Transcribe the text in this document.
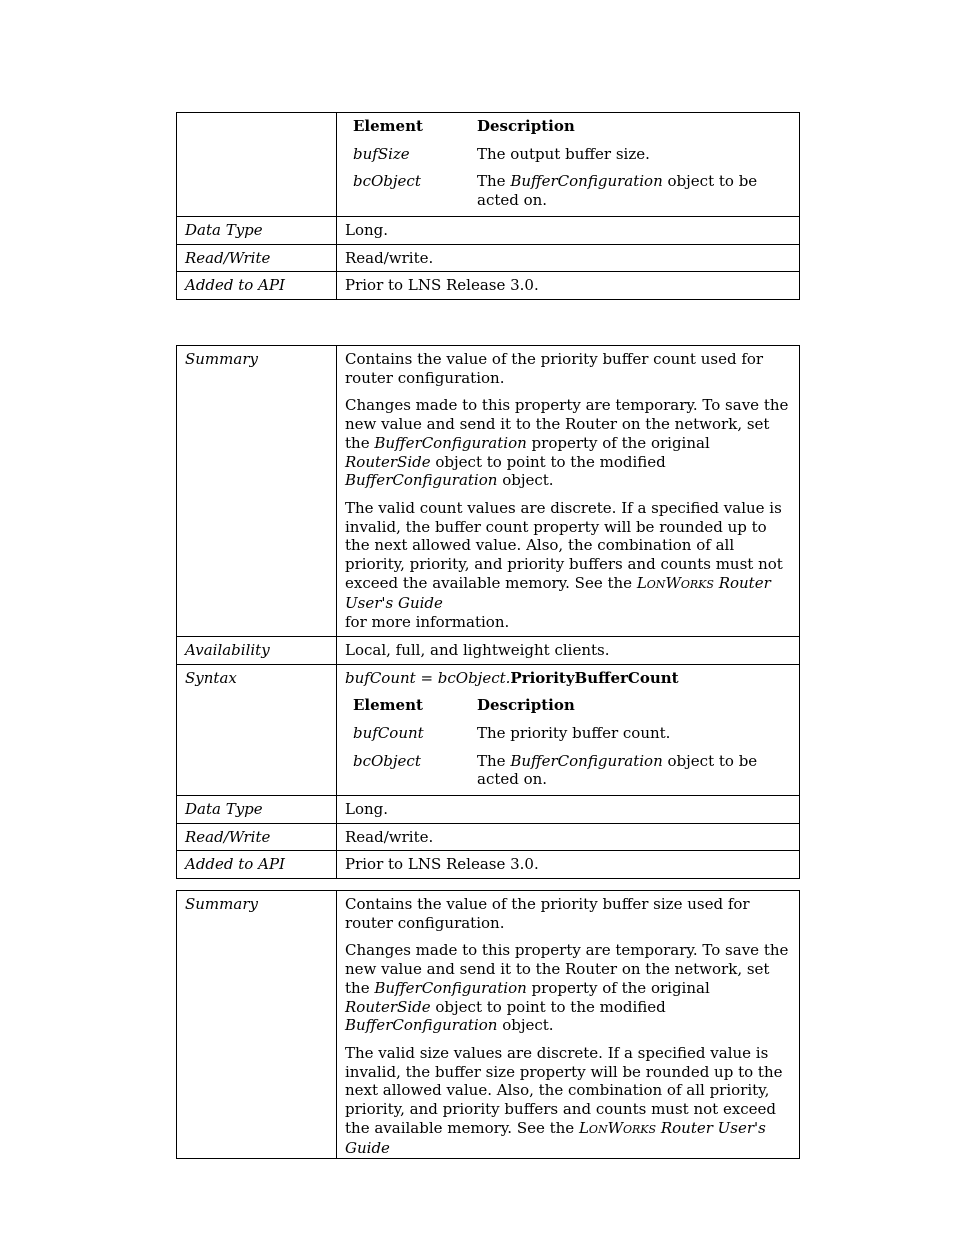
Element	Description
bufSize	The output buffer size.
bcObject	The BufferConfiguration object to be acted on.

Data Type	Long.
Read/Write	Read/write.
Added to API	Prior to LNS Release 3.0.
Summary	Contains the value of the priority buffer count used for router configuration.

Changes made to this property are temporary. To save the new value and send it to the Router on the network, set the BufferConfiguration property of the original RouterSide object to point to the modified BufferConfiguration object.

The valid count values are discrete. If a specified value is invalid, the buffer count property will be rounded up to the next allowed value. Also, the combination of all priority, priority, and priority buffers and counts must not exceed the available memory. See the LONWORKS Router User's Guide
for more information.

Availability	Local, full, and lightweight clients.
Syntax	bufCount = bcObject.PriorityBufferCount

Element	Description
bufCount	The priority buffer count.
bcObject	The BufferConfiguration object to be acted on.

Data Type	Long.
Read/Write	Read/write.
Added to API	Prior to LNS Release 3.0.
Summary	Contains the value of the priority buffer size used for router configuration.

Changes made to this property are temporary. To save the new value and send it to the Router on the network, set the BufferConfiguration property of the original RouterSide object to point to the modified BufferConfiguration object.

The valid size values are discrete. If a specified value is invalid, the buffer size property will be rounded up to the next allowed value. Also, the combination of all priority, priority, and priority buffers and counts must not exceed the available memory. See the LONWORKS Router User's Guide
